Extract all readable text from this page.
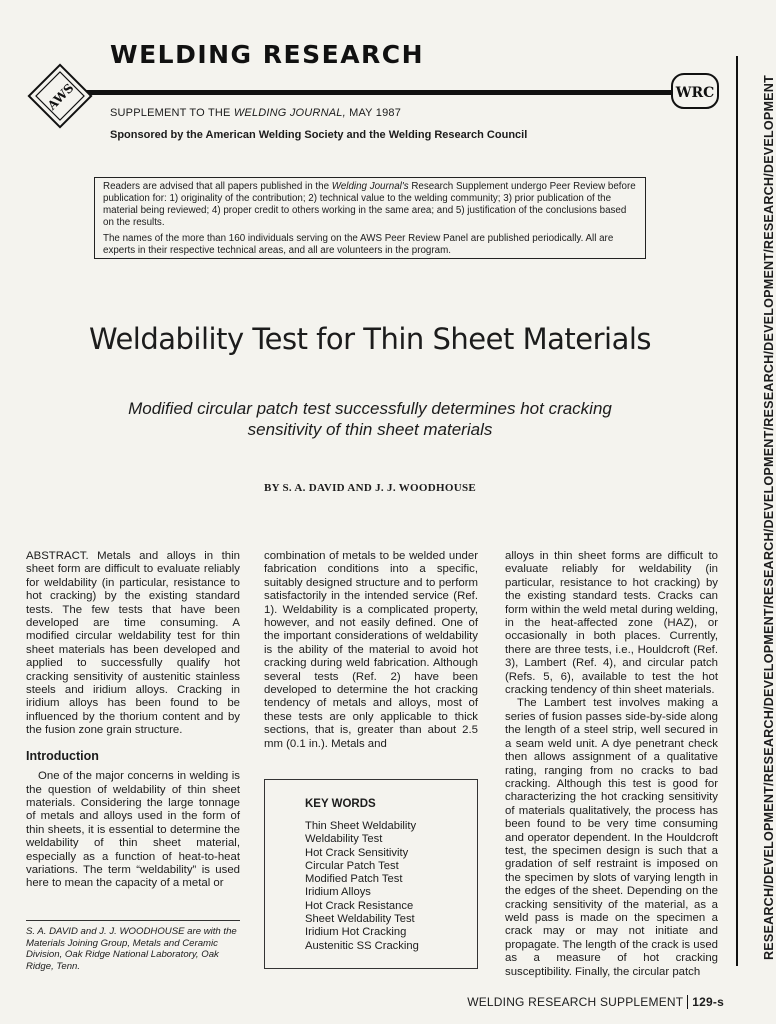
WELDING RESEARCH
AWS	WRC
SUPPLEMENT TO THE WELDING JOURNAL, MAY 1987
Sponsored by the American Welding Society and the Welding Research Council

Readers are advised that all papers published in the Welding Journal's Research Supplement undergo Peer Review before publication for: 1) originality of the contribution; 2) technical value to the welding community; 3) prior publication of the material being reviewed; 4) proper credit to others working in the same area; and 5) justification of the conclusions based on the results.

The names of the more than 160 individuals serving on the AWS Peer Review Panel are published periodically. All are experts in their respective technical areas, and all are volunteers in the program.

Weldability Test for Thin Sheet Materials
Modified circular patch test successfully determines hot cracking sensitivity of thin sheet materials
BY S. A. DAVID AND J. J. WOODHOUSE

ABSTRACT. Metals and alloys in thin sheet form are difficult to evaluate reliably for weldability (in particular, resistance to hot cracking) by the existing standard tests. The few tests that have been developed are time consuming. A modified circular weldability test for thin sheet materials has been developed and applied to successfully qualify hot cracking sensitivity of austenitic stainless steels and iridium alloys. Cracking in iridium alloys has been found to be influenced by the thorium content and by the fusion zone grain structure.

Introduction

One of the major concerns in welding is the question of weldability of thin sheet materials. Considering the large tonnage of metals and alloys used in the form of thin sheets, it is essential to determine the weldability of thin sheet material, especially as a function of heat-to-heat variations. The term “weldability” is used here to mean the capacity of a metal or

S. A. DAVID and J. J. WOODHOUSE are with the Materials Joining Group, Metals and Ceramic Division, Oak Ridge National Laboratory, Oak Ridge, Tenn.

combination of metals to be welded under fabrication conditions into a specific, suitably designed structure and to perform satisfactorily in the intended service (Ref. 1). Weldability is a complicated property, however, and not easily defined. One of the important considerations of weldability is the ability of the material to avoid hot cracking during weld fabrication. Although several tests (Ref. 2) have been developed to determine the hot cracking tendency of metals and alloys, most of these tests are only applicable to thick sections, that is, greater than about 2.5 mm (0.1 in.). Metals and

KEY WORDS
Thin Sheet Weldability
Weldability Test
Hot Crack Sensitivity
Circular Patch Test
Modified Patch Test
Iridium Alloys
Hot Crack Resistance
Sheet Weldability Test
Iridium Hot Cracking
Austenitic SS Cracking

alloys in thin sheet forms are difficult to evaluate reliably for weldability (in particular, resistance to hot cracking) by the existing standard tests. Cracks can form within the weld metal during welding, in the heat-affected zone (HAZ), or occasionally in both places. Currently, there are three tests, i.e., Houldcroft (Ref. 3), Lambert (Ref. 4), and circular patch (Refs. 5, 6), available to test the hot cracking tendency of thin sheet materials.

The Lambert test involves making a series of fusion passes side-by-side along the length of a steel strip, well secured in a seam weld unit. A dye penetrant check then allows assignment of a qualitative rating, ranging from no cracks to bad cracking. Although this test is good for characterizing the hot cracking sensitivity of materials qualitatively, the process has been found to be very time consuming and operator dependent. In the Houldcroft test, the specimen design is such that a gradation of self restraint is imposed on the specimen by slots of varying length in the edges of the sheet. Depending on the cracking sensitivity of the material, as a weld pass is made on the specimen a crack may or may not initiate and propagate. The length of the crack is used as a measure of hot cracking susceptibility. Finally, the circular patch

RESEARCH/DEVELOPMENT/RESEARCH/DEVELOPMENT/RESEARCH/DEVELOPMENT/RESEARCH/DEVELOPMENT/RESEARCH/DEVELOPMENT
WELDING RESEARCH SUPPLEMENT 129-s
